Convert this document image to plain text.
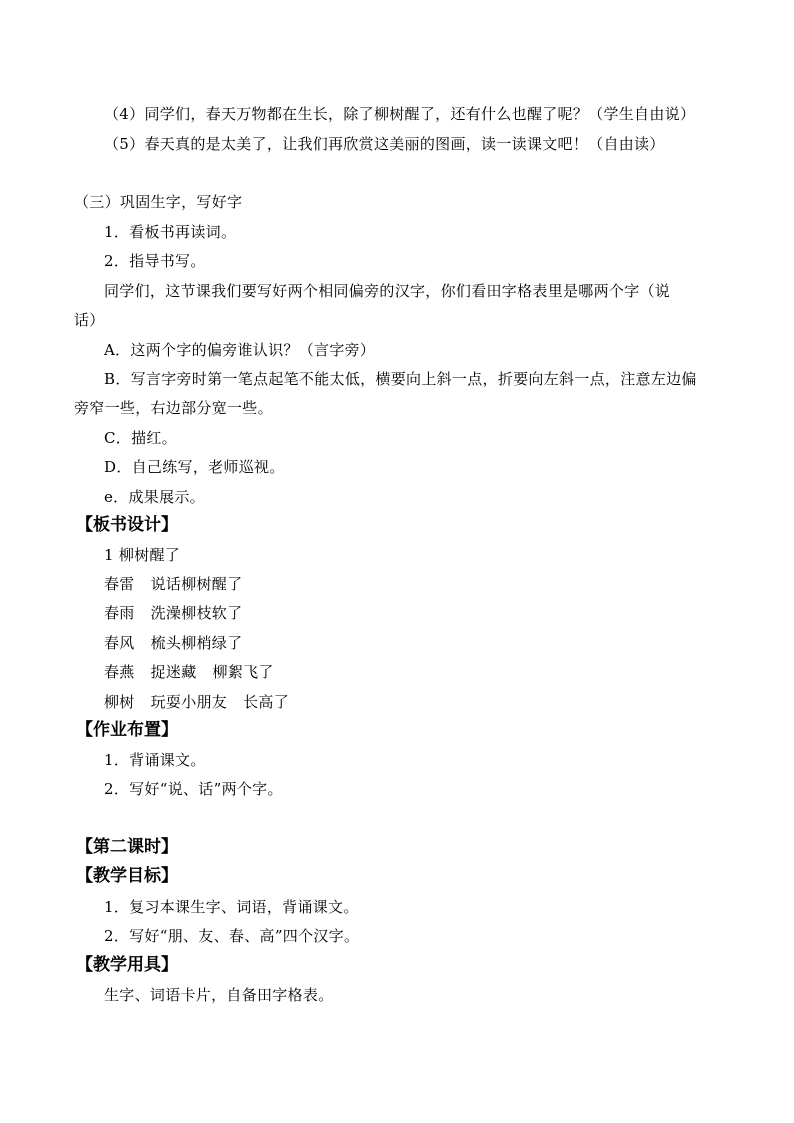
（4）同学们，春天万物都在生长，除了柳树醒了，还有什么也醒了呢？（学生自由说）
（5）春天真的是太美了，让我们再欣赏这美丽的图画，读一读课文吧！（自由读）
（三）巩固生字，写好字
1．看板书再读词。
2．指导书写。
同学们，这节课我们要写好两个相同偏旁的汉字，你们看田字格表里是哪两个字（说
话）
A．这两个字的偏旁谁认识？（言字旁）
B．写言字旁时第一笔点起笔不能太低，横要向上斜一点，折要向左斜一点，注意左边偏
旁窄一些，右边部分宽一些。
C．描红。
D．自己练写，老师巡视。
e．成果展示。
【板书设计】
1 柳树醒了
春雷 说话柳树醒了
春雨 洗澡柳枝软了
春风 梳头柳梢绿了
春燕 捉迷藏 柳絮飞了
柳树 玩耍小朋友 长高了
【作业布置】
1．背诵课文。
2．写好“说、话”两个字。
【第二课时】
【教学目标】
1．复习本课生字、词语，背诵课文。
2．写好“朋、友、春、高”四个汉字。
【教学用具】
生字、词语卡片，自备田字格表。
